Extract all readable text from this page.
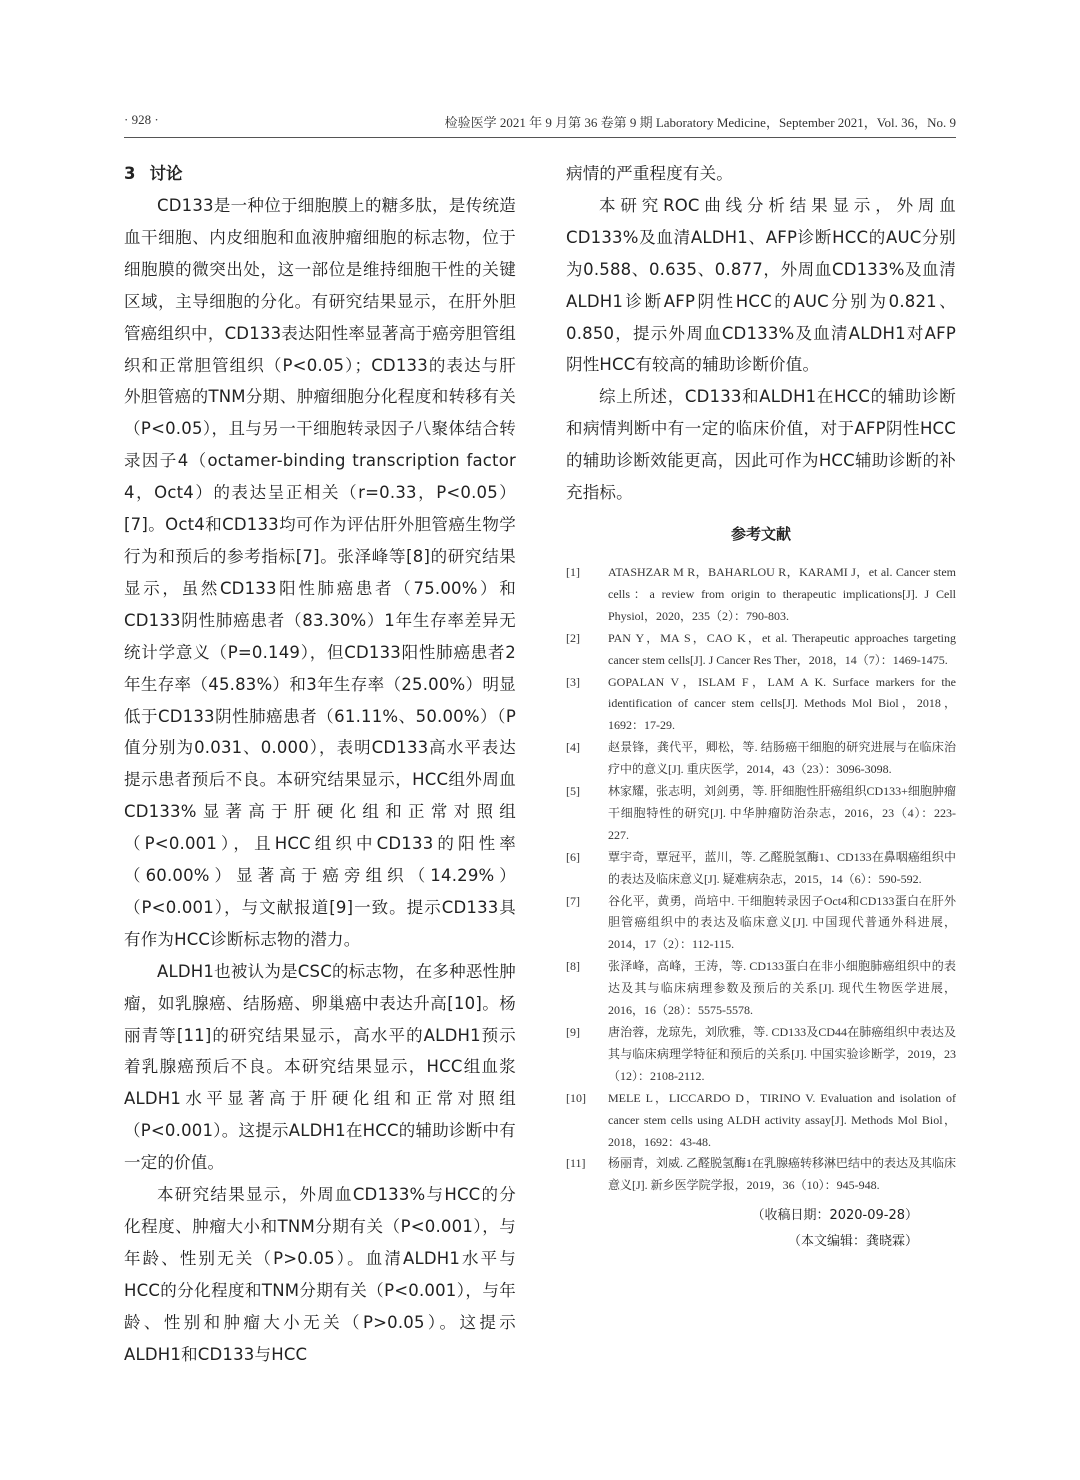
· 928 ·	检验医学 2021 年 9 月第 36 卷第 9 期 Laboratory Medicine，September 2021，Vol. 36，No. 9
3 讨论

CD133是一种位于细胞膜上的糖多肽，是传统造血干细胞、内皮细胞和血液肿瘤细胞的标志物，位于细胞膜的微突出处，这一部位是维持细胞干性的关键区域，主导细胞的分化。有研究结果显示，在肝外胆管癌组织中，CD133表达阳性率显著高于癌旁胆管组织和正常胆管组织（P<0.05）；CD133的表达与肝外胆管癌的TNM分期、肿瘤细胞分化程度和转移有关（P<0.05），且与另一干细胞转录因子八聚体结合转录因子4（octamer-binding transcription factor 4，Oct4）的表达呈正相关（r=0.33，P<0.05）[7]。Oct4和CD133均可作为评估肝外胆管癌生物学行为和预后的参考指标[7]。张泽峰等[8]的研究结果显示，虽然CD133阳性肺癌患者（75.00%）和CD133阴性肺癌患者（83.30%）1年生存率差异无统计学意义（P=0.149），但CD133阳性肺癌患者2年生存率（45.83%）和3年生存率（25.00%）明显低于CD133阴性肺癌患者（61.11%、50.00%）（P值分别为0.031、0.000），表明CD133高水平表达提示患者预后不良。本研究结果显示，HCC组外周血CD133%显著高于肝硬化组和正常对照组（P<0.001），且HCC组织中CD133的阳性率（60.00%）显著高于癌旁组织（14.29%）（P<0.001），与文献报道[9]一致。提示CD133具有作为HCC诊断标志物的潜力。

ALDH1也被认为是CSC的标志物，在多种恶性肿瘤，如乳腺癌、结肠癌、卵巢癌中表达升高[10]。杨丽青等[11]的研究结果显示，高水平的ALDH1预示着乳腺癌预后不良。本研究结果显示，HCC组血浆ALDH1水平显著高于肝硬化组和正常对照组（P<0.001）。这提示ALDH1在HCC的辅助诊断中有一定的价值。

本研究结果显示，外周血CD133%与HCC的分化程度、肿瘤大小和TNM分期有关（P<0.001），与年龄、性别无关（P>0.05）。血清ALDH1水平与HCC的分化程度和TNM分期有关（P<0.001），与年龄、性别和肿瘤大小无关（P>0.05）。这提示ALDH1和CD133与HCC

病情的严重程度有关。

本研究ROC曲线分析结果显示，外周血CD133%及血清ALDH1、AFP诊断HCC的AUC分别为0.588、0.635、0.877，外周血CD133%及血清ALDH1诊断AFP阴性HCC的AUC分别为0.821、0.850，提示外周血CD133%及血清ALDH1对AFP阴性HCC有较高的辅助诊断价值。

综上所述，CD133和ALDH1在HCC的辅助诊断和病情判断中有一定的临床价值，对于AFP阴性HCC的辅助诊断效能更高，因此可作为HCC辅助诊断的补充指标。

参考文献
[1]	ATASHZAR M R，BAHARLOU R，KARAMI J，et al. Cancer stem cells：a review from origin to therapeutic implications[J]. J Cell Physiol，2020，235（2）：790-803.
[2]	PAN Y，MA S，CAO K，et al. Therapeutic approaches targeting cancer stem cells[J]. J Cancer Res Ther，2018，14（7）：1469-1475.
[3]	GOPALAN V，ISLAM F，LAM A K. Surface markers for the identification of cancer stem cells[J]. Methods Mol Biol，2018，1692：17-29.
[4]	赵景锋，龚代平，卿松，等. 结肠癌干细胞的研究进展与在临床治疗中的意义[J]. 重庆医学，2014，43（23）：3096-3098.
[5]	林家耀，张志明，刘剑勇，等. 肝细胞性肝癌组织CD133+细胞肿瘤干细胞特性的研究[J]. 中华肿瘤防治杂志，2016，23（4）：223-227.
[6]	覃宇奇，覃冠平，蓝川，等. 乙醛脱氢酶1、CD133在鼻咽癌组织中的表达及临床意义[J]. 疑难病杂志，2015，14（6）：590-592.
[7]	谷化平，黄勇，尚培中. 干细胞转录因子Oct4和CD133蛋白在肝外胆管癌组织中的表达及临床意义[J]. 中国现代普通外科进展，2014，17（2）：112-115.
[8]	张泽峰，高峰，王涛，等. CD133蛋白在非小细胞肺癌组织中的表达及其与临床病理参数及预后的关系[J]. 现代生物医学进展，2016，16（28）：5575-5578.
[9]	唐治蓉，龙琼先，刘欣雅，等. CD133及CD44在肺癌组织中表达及其与临床病理学特征和预后的关系[J]. 中国实验诊断学，2019，23（12）：2108-2112.
[10]	MELE L，LICCARDO D，TIRINO V. Evaluation and isolation of cancer stem cells using ALDH activity assay[J]. Methods Mol Biol，2018，1692：43-48.
[11]	杨丽青，刘威. 乙醛脱氢酶1在乳腺癌转移淋巴结中的表达及其临床意义[J]. 新乡医学院学报，2019，36（10）：945-948.
（收稿日期：2020-09-28）
（本文编辑：龚晓霖）
